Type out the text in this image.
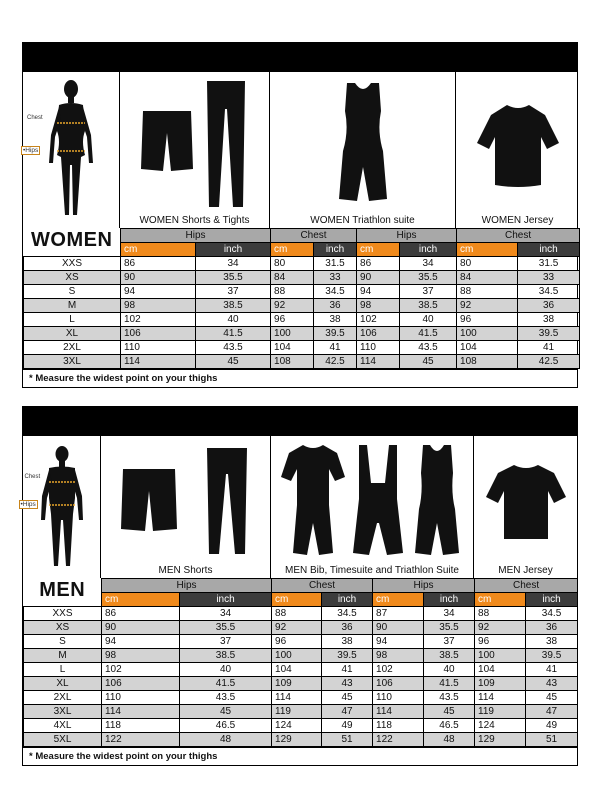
Chest
•Hips
WOMEN Shorts & Tights	WOMEN Triathlon suite	WOMEN Jersey
WOMEN	Hips		Chest		Hips		Chest	
	cm	inch	cm	inch	cm	inch	cm	inch
XXS	86	34	80	31.5	86	34	80	31.5
XS	90	35.5	84	33	90	35.5	84	33
S	94	37	88	34.5	94	37	88	34.5
M	98	38.5	92	36	98	38.5	92	36
L	102	40	96	38	102	40	96	38
XL	106	41.5	100	39.5	106	41.5	100	39.5
2XL	110	43.5	104	41	110	43.5	104	41
3XL	114	45	108	42.5	114	45	108	42.5
* Measure the widest point on your thighs
Chest
•Hips
MEN Shorts	MEN Bib, Timesuite and Triathlon Suite	MEN Jersey
MEN	Hips		Chest		Hips		Chest	
	cm	inch	cm	inch	cm	inch	cm	inch
XXS	86	34	88	34.5	87	34	88	34.5
XS	90	35.5	92	36	90	35.5	92	36
S	94	37	96	38	94	37	96	38
M	98	38.5	100	39.5	98	38.5	100	39.5
L	102	40	104	41	102	40	104	41
XL	106	41.5	109	43	106	41.5	109	43
2XL	110	43.5	114	45	110	43.5	114	45
3XL	114	45	119	47	114	45	119	47
4XL	118	46.5	124	49	118	46.5	124	49
5XL	122	48	129	51	122	48	129	51
* Measure the widest point on your thighs
